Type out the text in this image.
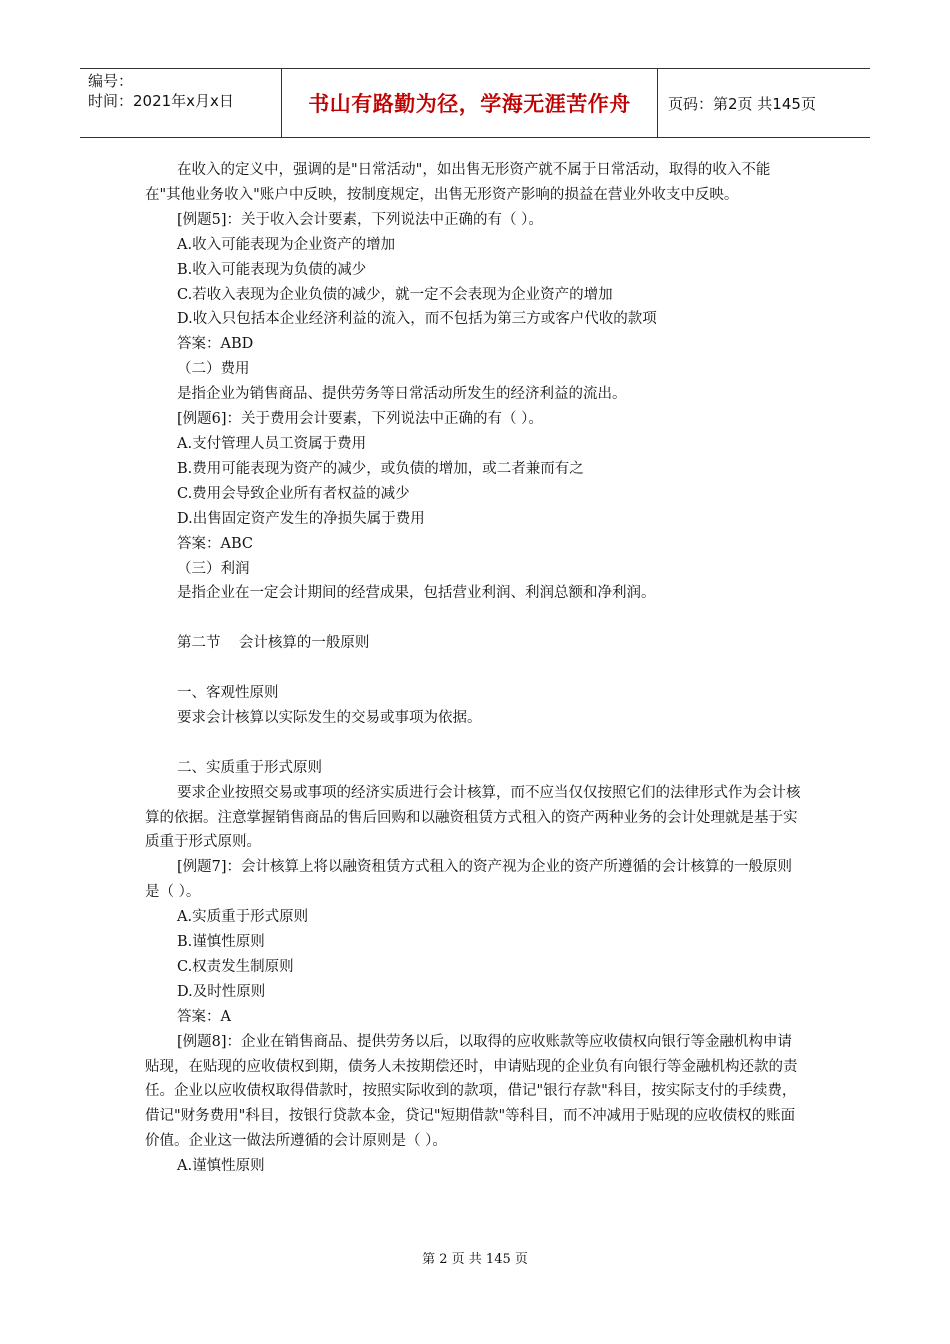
编号：
时间：2021年x月x日	书山有路勤为径，学海无涯苦作舟 页码：第2页 共145页

在收入的定义中，强调的是"日常活动"，如出售无形资产就不属于日常活动，取得的收入不能在"其他业务收入"账户中反映，按制度规定，出售无形资产影响的损益在营业外收支中反映。

[例题5]：关于收入会计要素，下列说法中正确的有（ ）。

A.收入可能表现为企业资产的增加

B.收入可能表现为负债的减少

C.若收入表现为企业负债的减少，就一定不会表现为企业资产的增加

D.收入只包括本企业经济利益的流入，而不包括为第三方或客户代收的款项

答案：ABD

（二）费用

是指企业为销售商品、提供劳务等日常活动所发生的经济利益的流出。

[例题6]：关于费用会计要素，下列说法中正确的有（ ）。

A.支付管理人员工资属于费用

B.费用可能表现为资产的减少，或负债的增加，或二者兼而有之

C.费用会导致企业所有者权益的减少

D.出售固定资产发生的净损失属于费用

答案：ABC

（三）利润

是指企业在一定会计期间的经营成果，包括营业利润、利润总额和净利润。

第二节    会计核算的一般原则

一、客观性原则

要求会计核算以实际发生的交易或事项为依据。

二、实质重于形式原则

要求企业按照交易或事项的经济实质进行会计核算，而不应当仅仅按照它们的法律形式作为会计核算的依据。注意掌握销售商品的售后回购和以融资租赁方式租入的资产两种业务的会计处理就是基于实质重于形式原则。

[例题7]：会计核算上将以融资租赁方式租入的资产视为企业的资产所遵循的会计核算的一般原则是（ ）。

A.实质重于形式原则

B.谨慎性原则

C.权责发生制原则

D.及时性原则

答案：A

[例题8]：企业在销售商品、提供劳务以后，以取得的应收账款等应收债权向银行等金融机构申请贴现，在贴现的应收债权到期，债务人未按期偿还时，申请贴现的企业负有向银行等金融机构还款的责任。企业以应收债权取得借款时，按照实际收到的款项，借记"银行存款"科目，按实际支付的手续费，借记"财务费用"科目，按银行贷款本金，贷记"短期借款"等科目，而不冲减用于贴现的应收债权的账面价值。企业这一做法所遵循的会计原则是（ ）。

A.谨慎性原则

第 2 页 共 145 页
